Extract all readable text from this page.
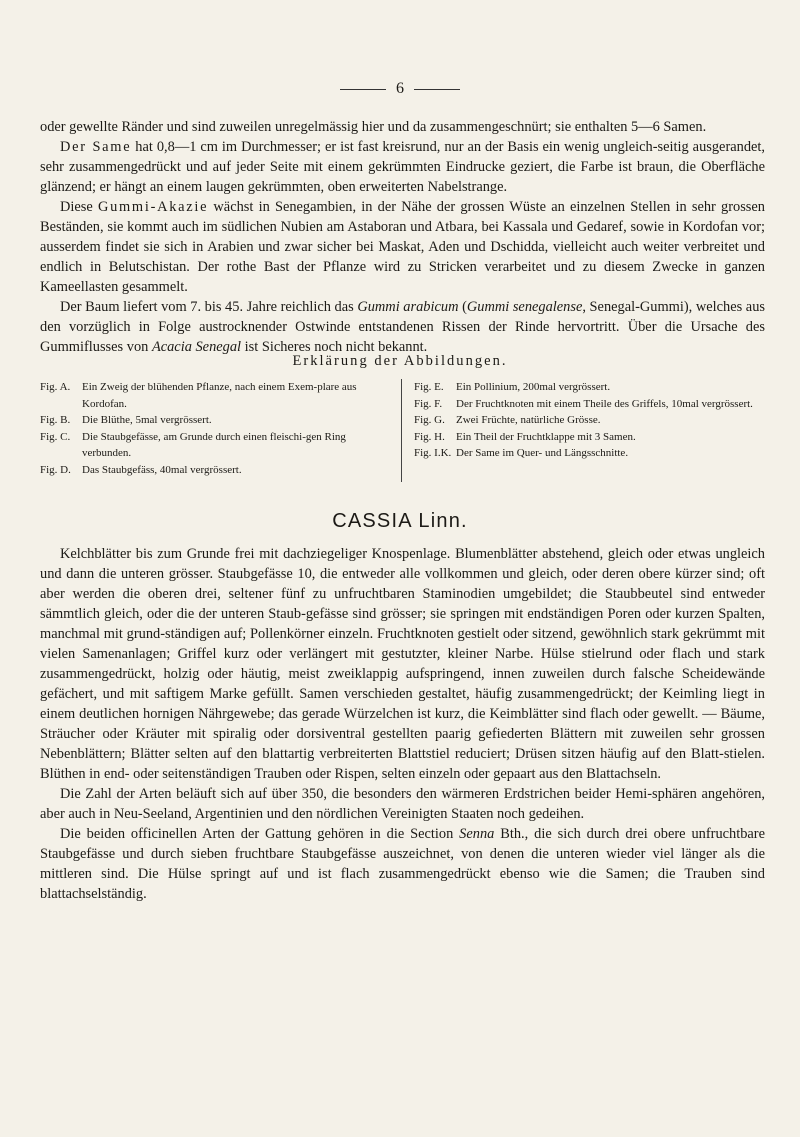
6

oder gewellte Ränder und sind zuweilen unregelmässig hier und da zusammengeschnürt; sie enthalten 5—6 Samen.

Der Same hat 0,8—1 cm im Durchmesser; er ist fast kreisrund, nur an der Basis ein wenig ungleich-seitig ausgerandet, sehr zusammengedrückt und auf jeder Seite mit einem gekrümmten Eindrucke geziert, die Farbe ist braun, die Oberfläche glänzend; er hängt an einem laugen gekrümmten, oben erweiterten Nabelstrange.

Diese Gummi-Akazie wächst in Senegambien, in der Nähe der grossen Wüste an einzelnen Stellen in sehr grossen Beständen, sie kommt auch im südlichen Nubien am Astaboran und Atbara, bei Kassala und Gedaref, sowie in Kordofan vor; ausserdem findet sie sich in Arabien und zwar sicher bei Maskat, Aden und Dschidda, vielleicht auch weiter verbreitet und endlich in Belutschistan. Der rothe Bast der Pflanze wird zu Stricken verarbeitet und zu diesem Zwecke in ganzen Kameellasten gesammelt.

Der Baum liefert vom 7. bis 45. Jahre reichlich das Gummi arabicum (Gummi senegalense, Senegal-Gummi), welches aus den vorzüglich in Folge austrocknender Ostwinde entstandenen Rissen der Rinde hervortritt. Über die Ursache des Gummiflusses von Acacia Senegal ist Sicheres noch nicht bekannt.

Erklärung der Abbildungen.
Fig. A. Ein Zweig der blühenden Pflanze, nach einem Exem-plare aus Kordofan.
Fig. B. Die Blüthe, 5mal vergrössert.
Fig. C. Die Staubgefässe, am Grunde durch einen fleischi-gen Ring verbunden.
Fig. D. Das Staubgefäss, 40mal vergrössert.
Fig. E. Ein Pollinium, 200mal vergrössert.
Fig. F. Der Fruchtknoten mit einem Theile des Griffels, 10mal vergrössert.
Fig. G. Zwei Früchte, natürliche Grösse.
Fig. H. Ein Theil der Fruchtklappe mit 3 Samen.
Fig. I.K. Der Same im Quer- und Längsschnitte.
CASSIA Linn.

Kelchblätter bis zum Grunde frei mit dachziegeliger Knospenlage. Blumenblätter abstehend, gleich oder etwas ungleich und dann die unteren grösser. Staubgefässe 10, die entweder alle vollkommen und gleich, oder deren obere kürzer sind; oft aber werden die oberen drei, seltener fünf zu unfruchtbaren Staminodien umgebildet; die Staubbeutel sind entweder sämmtlich gleich, oder die der unteren Staub-gefässe sind grösser; sie springen mit endständigen Poren oder kurzen Spalten, manchmal mit grund-ständigen auf; Pollenkörner einzeln. Fruchtknoten gestielt oder sitzend, gewöhnlich stark gekrümmt mit vielen Samenanlagen; Griffel kurz oder verlängert mit gestutzter, kleiner Narbe. Hülse stielrund oder flach und stark zusammengedrückt, holzig oder häutig, meist zweiklappig aufspringend, innen zuweilen durch falsche Scheidewände gefächert, und mit saftigem Marke gefüllt. Samen verschieden gestaltet, häufig zusammengedrückt; der Keimling liegt in einem deutlichen hornigen Nährgewebe; das gerade Würzelchen ist kurz, die Keimblätter sind flach oder gewellt. — Bäume, Sträucher oder Kräuter mit spiralig oder dorsiventral gestellten paarig gefiederten Blättern mit zuweilen sehr grossen Nebenblättern; Blätter selten auf den blattartig verbreiterten Blattstiel reduciert; Drüsen sitzen häufig auf den Blatt-stielen. Blüthen in end- oder seitenständigen Trauben oder Rispen, selten einzeln oder gepaart aus den Blattachseln.

Die Zahl der Arten beläuft sich auf über 350, die besonders den wärmeren Erdstrichen beider Hemi-sphären angehören, aber auch in Neu-Seeland, Argentinien und den nördlichen Vereinigten Staaten noch gedeihen.

Die beiden officinellen Arten der Gattung gehören in die Section Senna Bth., die sich durch drei obere unfruchtbare Staubgefässe und durch sieben fruchtbare Staubgefässe auszeichnet, von denen die unteren wieder viel länger als die mittleren sind. Die Hülse springt auf und ist flach zusammengedrückt ebenso wie die Samen; die Trauben sind blattachselständig.
